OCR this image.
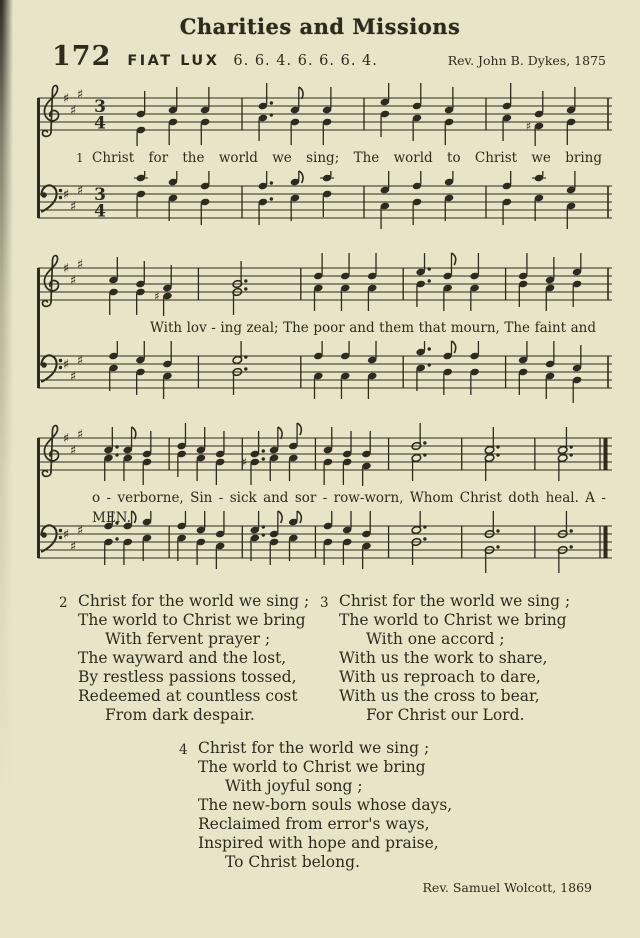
Charities and Missions
172 FIAT LUX 6. 6. 4. 6. 6. 6. 4.	Rev. John B. Dykes, 1875
♯
♯
♯
3
4	♯
1 Christ for the world we sing; The world to Christ we bring
♯
♯
♯ 3
4
♯
♯
♯
♯
With lov - ing zeal; The poor and them that mourn, The faint and
♯
♯
♯
♯
♯
♯
♯
o - verborne, Sin - sick and sor - row-worn, Whom Christ doth heal. A - MEN.
♯
♯
♯
2 Christ for the world we sing ;
The world to Christ we bring
With fervent prayer ;
The wayward and the lost,
By restless passions tossed,
Redeemed at countless cost
From dark despair.
3 Christ for the world we sing ;
The world to Christ we bring
With one accord ;
With us the work to share,
With us reproach to dare,
With us the cross to bear,
For Christ our Lord.
4 Christ for the world we sing ;
The world to Christ we bring
With joyful song ;
The new-born souls whose days,
Reclaimed from error's ways,
Inspired with hope and praise,
To Christ belong.
Rev. Samuel Wolcott, 1869
